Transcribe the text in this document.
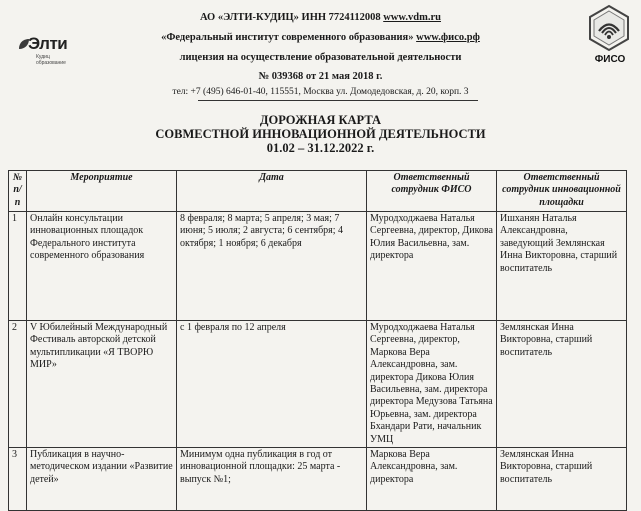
Элти
Кудиц образование	ФИСО
АО «ЭЛТИ-КУДИЦ» ИНН 7724112008 www.vdm.ru
«Федеральный институт современного образования» www.фисо.рф
лицензия на осуществление образовательной деятельности
№ 039368 от 21 мая 2018 г.
тел: +7 (495) 646-01-40, 115551, Москва ул. Домодедовская, д. 20, корп. 3
ДОРОЖНАЯ КАРТА
СОВМЕСТНОЙ ИННОВАЦИОННОЙ ДЕЯТЕЛЬНОСТИ
01.02 – 31.12.2022 г.
№ п/п	Мероприятие	Дата	Ответственный сотрудник ФИСО	Ответственный сотрудник инновационной площадки
1	Онлайн консультации инновационных площадок Федерального института современного образования	8 февраля; 8 марта; 5 апреля; 3 мая; 7 июня; 5 июля; 2 августа; 6 сентября; 4 октября; 1 ноября; 6 декабря	Муродходжаева Наталья Сергеевна, директор, Дикова Юлия Васильевна, зам. директора	Ишханян Наталья Александровна, заведующий Землянская Инна Викторовна, старший воспитатель
2	V Юбилейный Международный Фестиваль авторской детской мультипликации «Я ТВОРЮ МИР»	с 1 февраля по 12 апреля	Муродходжаева Наталья Сергеевна, директор, Маркова Вера Александровна, зам. директора Дикова Юлия Васильевна, зам. директора директора Медузова Татьяна Юрьевна, зам. директора Бхандари Рати, начальник УМЦ	Землянская Инна Викторовна, старший воспитатель
3	Публикация в научно-методическом издании «Развитие детей»	Минимум одна публикация в год от инновационной площадки: 25 марта - выпуск №1;	Маркова Вера Александровна, зам. директора	Землянская Инна Викторовна, старший воспитатель
